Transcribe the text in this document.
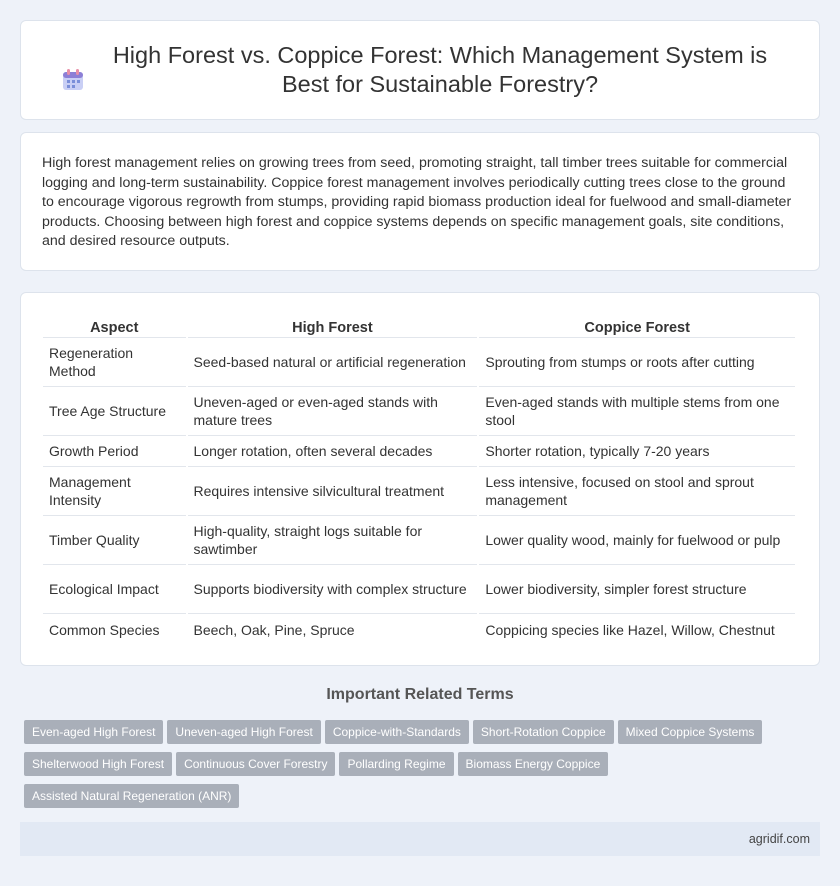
High Forest vs. Coppice Forest: Which Management System is Best for Sustainable Forestry?

High forest management relies on growing trees from seed, promoting straight, tall timber trees suitable for commercial logging and long-term sustainability. Coppice forest management involves periodically cutting trees close to the ground to encourage vigorous regrowth from stumps, providing rapid biomass production ideal for fuelwood and small-diameter products. Choosing between high forest and coppice systems depends on specific management goals, site conditions, and desired resource outputs.

Aspect	High Forest	Coppice Forest
Regeneration Method	Seed-based natural or artificial regeneration	Sprouting from stumps or roots after cutting
Tree Age Structure	Uneven-aged or even-aged stands with mature trees	Even-aged stands with multiple stems from one stool
Growth Period	Longer rotation, often several decades	Shorter rotation, typically 7-20 years
Management Intensity	Requires intensive silvicultural treatment	Less intensive, focused on stool and sprout management
Timber Quality	High-quality, straight logs suitable for sawtimber	Lower quality wood, mainly for fuelwood or pulp
Ecological Impact	Supports biodiversity with complex structure	Lower biodiversity, simpler forest structure
Common Species	Beech, Oak, Pine, Spruce	Coppicing species like Hazel, Willow, Chestnut
Important Related Terms
Even-aged High Forest	Uneven-aged High Forest	Coppice-with-Standards	Short-Rotation Coppice	Mixed Coppice Systems
Shelterwood High Forest	Continuous Cover Forestry	Pollarding Regime	Biomass Energy Coppice
Assisted Natural Regeneration (ANR)
agridif.com
